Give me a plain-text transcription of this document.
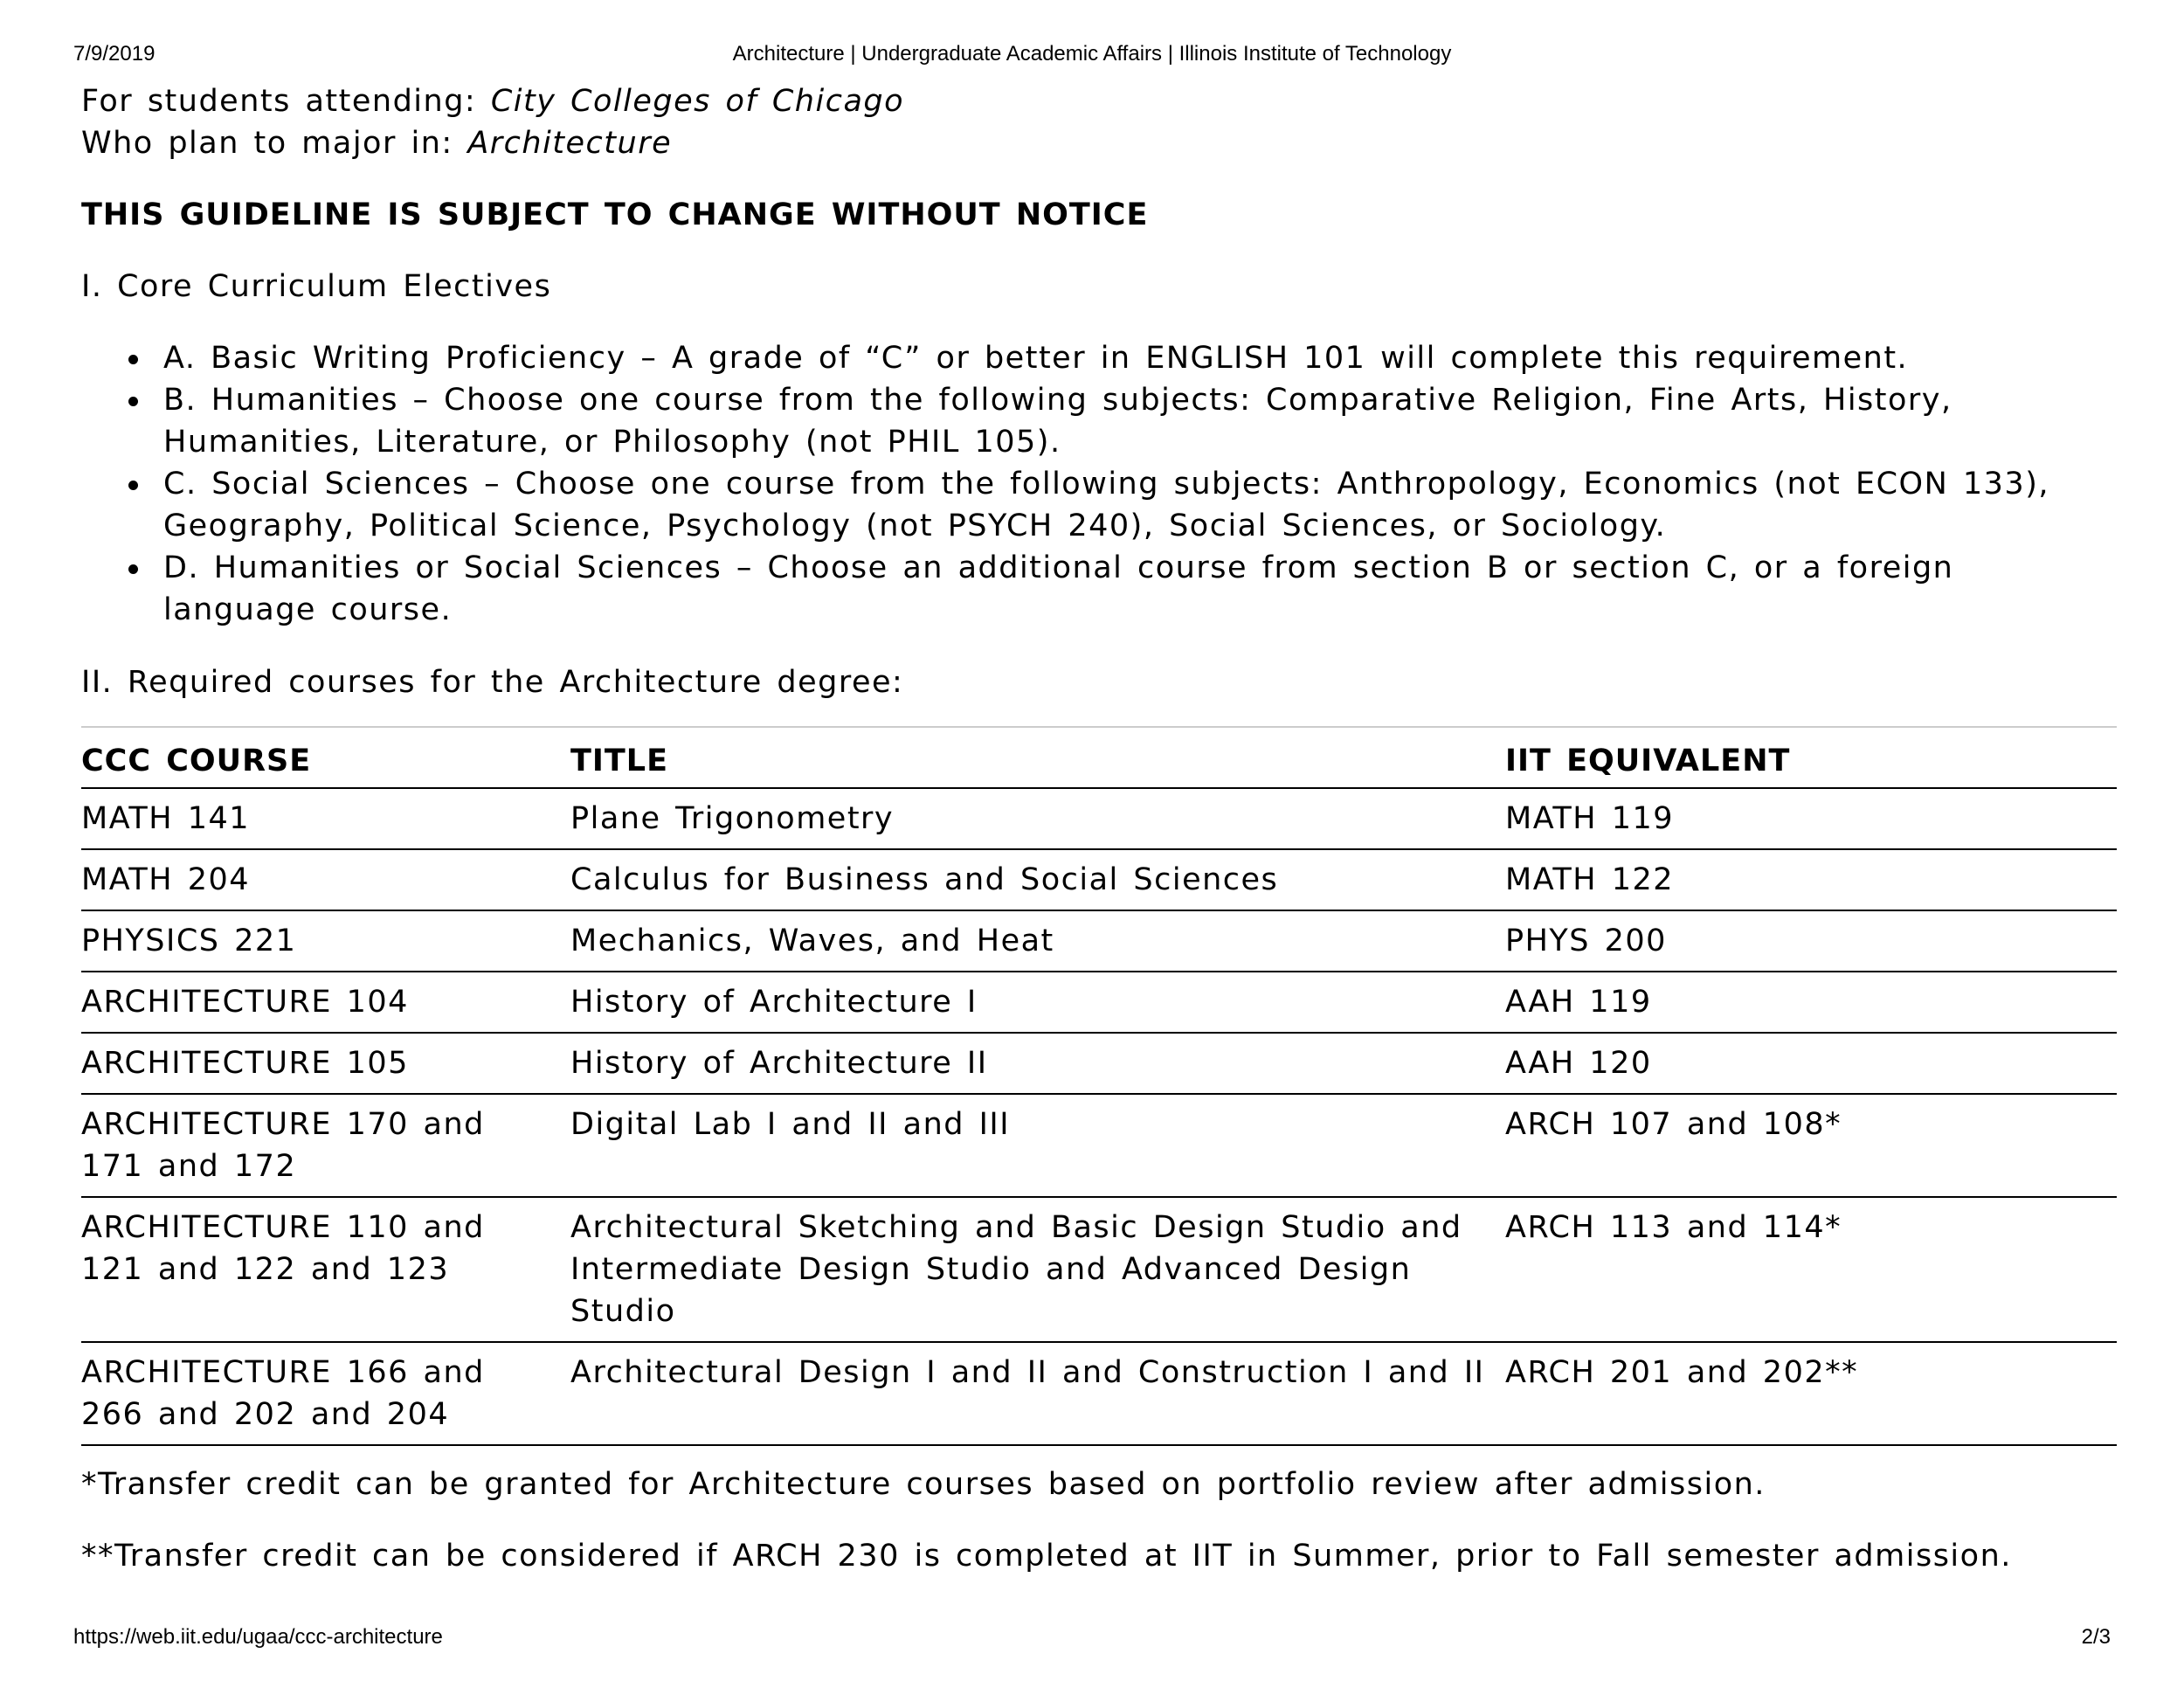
7/9/2019	Architecture | Undergraduate Academic Affairs | Illinois Institute of Technology

For students attending: City Colleges of Chicago

Who plan to major in: Architecture

THIS GUIDELINE IS SUBJECT TO CHANGE WITHOUT NOTICE

I. Core Curriculum Electives

A. Basic Writing Proficiency – A grade of “C” or better in ENGLISH 101 will complete this requirement.
B. Humanities – Choose one course from the following subjects: Comparative Religion, Fine Arts, History, Humanities, Literature, or Philosophy (not PHIL 105).
C. Social Sciences – Choose one course from the following subjects: Anthropology, Economics (not ECON 133), Geography, Political Science, Psychology (not PSYCH 240), Social Sciences, or Sociology.
D. Humanities or Social Sciences – Choose an additional course from section B or section C, or a foreign language course.

II. Required courses for the Architecture degree:

CCC COURSE	TITLE	IIT EQUIVALENT
MATH 141	Plane Trigonometry	MATH 119
MATH 204	Calculus for Business and Social Sciences	MATH 122
PHYSICS 221	Mechanics, Waves, and Heat	PHYS 200
ARCHITECTURE 104	History of Architecture I	AAH 119
ARCHITECTURE 105	History of Architecture II	AAH 120
ARCHITECTURE 170 and 171 and 172	Digital Lab I and II and III	ARCH 107 and 108*
ARCHITECTURE 110 and 121 and 122 and 123	Architectural Sketching and Basic Design Studio and Intermediate Design Studio and Advanced Design Studio	ARCH 113 and 114*
ARCHITECTURE 166 and 266 and 202 and 204	Architectural Design I and II and Construction I and II	ARCH 201 and 202**

*Transfer credit can be granted for Architecture courses based on portfolio review after admission.

**Transfer credit can be considered if ARCH 230 is completed at IIT in Summer, prior to Fall semester admission.

https://web.iit.edu/ugaa/ccc-architecture	2/3
